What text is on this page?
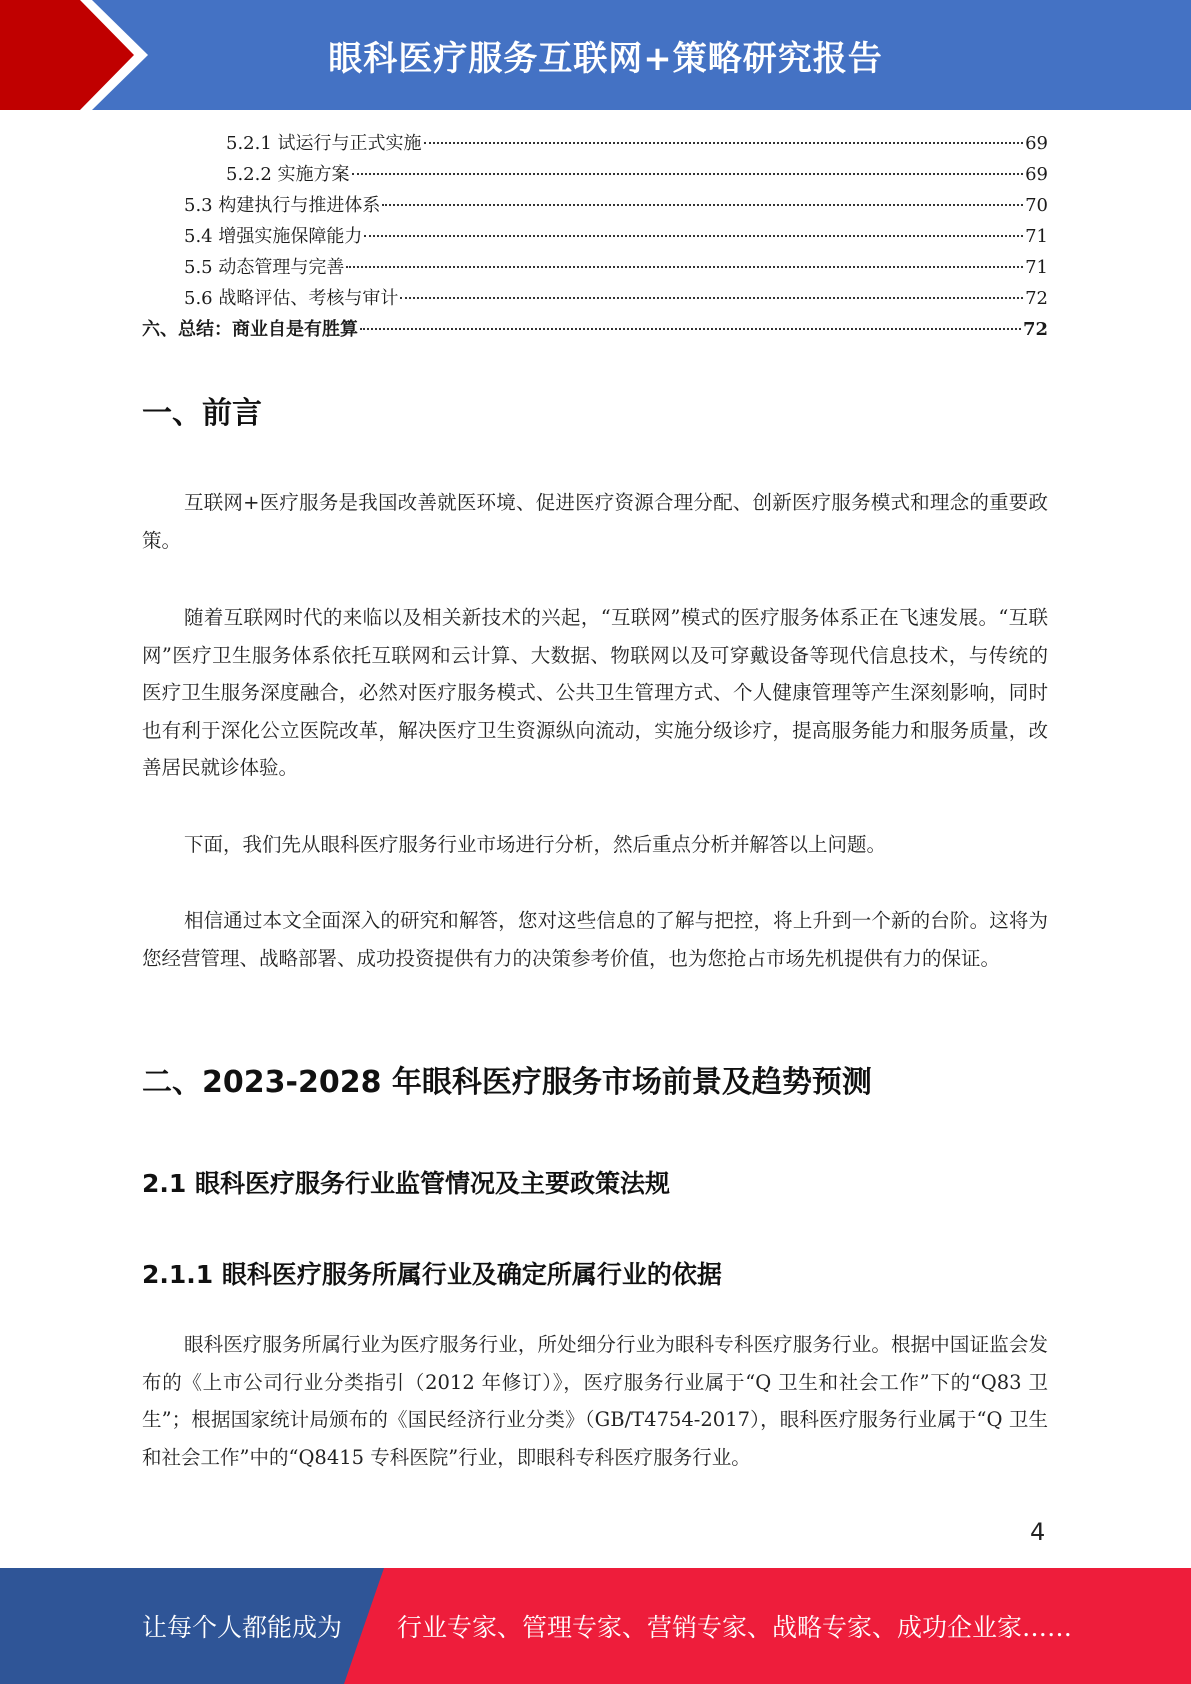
眼科医疗服务互联网+策略研究报告
5.2.1 试运行与正式实施	69
5.2.2 实施方案	69
5.3 构建执行与推进体系	70
5.4 增强实施保障能力	71
5.5 动态管理与完善	71
5.6 战略评估、考核与审计	72
六、总结：商业自是有胜算	72
一、前言
互联网+医疗服务是我国改善就医环境、促进医疗资源合理分配、创新医疗服务模式和理念的重要政策。
随着互联网时代的来临以及相关新技术的兴起，“互联网”模式的医疗服务体系正在飞速发展。“互联网”医疗卫生服务体系依托互联网和云计算、大数据、物联网以及可穿戴设备等现代信息技术，与传统的医疗卫生服务深度融合，必然对医疗服务模式、公共卫生管理方式、个人健康管理等产生深刻影响，同时也有利于深化公立医院改革，解决医疗卫生资源纵向流动，实施分级诊疗，提高服务能力和服务质量，改善居民就诊体验。
下面，我们先从眼科医疗服务行业市场进行分析，然后重点分析并解答以上问题。
相信通过本文全面深入的研究和解答，您对这些信息的了解与把控，将上升到一个新的台阶。这将为您经营管理、战略部署、成功投资提供有力的决策参考价值，也为您抢占市场先机提供有力的保证。
二、2023-2028 年眼科医疗服务市场前景及趋势预测
2.1 眼科医疗服务行业监管情况及主要政策法规
2.1.1 眼科医疗服务所属行业及确定所属行业的依据
眼科医疗服务所属行业为医疗服务行业，所处细分行业为眼科专科医疗服务行业。根据中国证监会发布的《上市公司行业分类指引（2012 年修订）》，医疗服务行业属于“Q 卫生和社会工作”下的“Q83 卫生”；根据国家统计局颁布的《国民经济行业分类》（GB/T4754-2017），眼科医疗服务行业属于“Q 卫生和社会工作”中的“Q8415 专科医院”行业，即眼科专科医疗服务行业。
4
让每个人都能成为 行业专家、管理专家、营销专家、战略专家、成功企业家……
